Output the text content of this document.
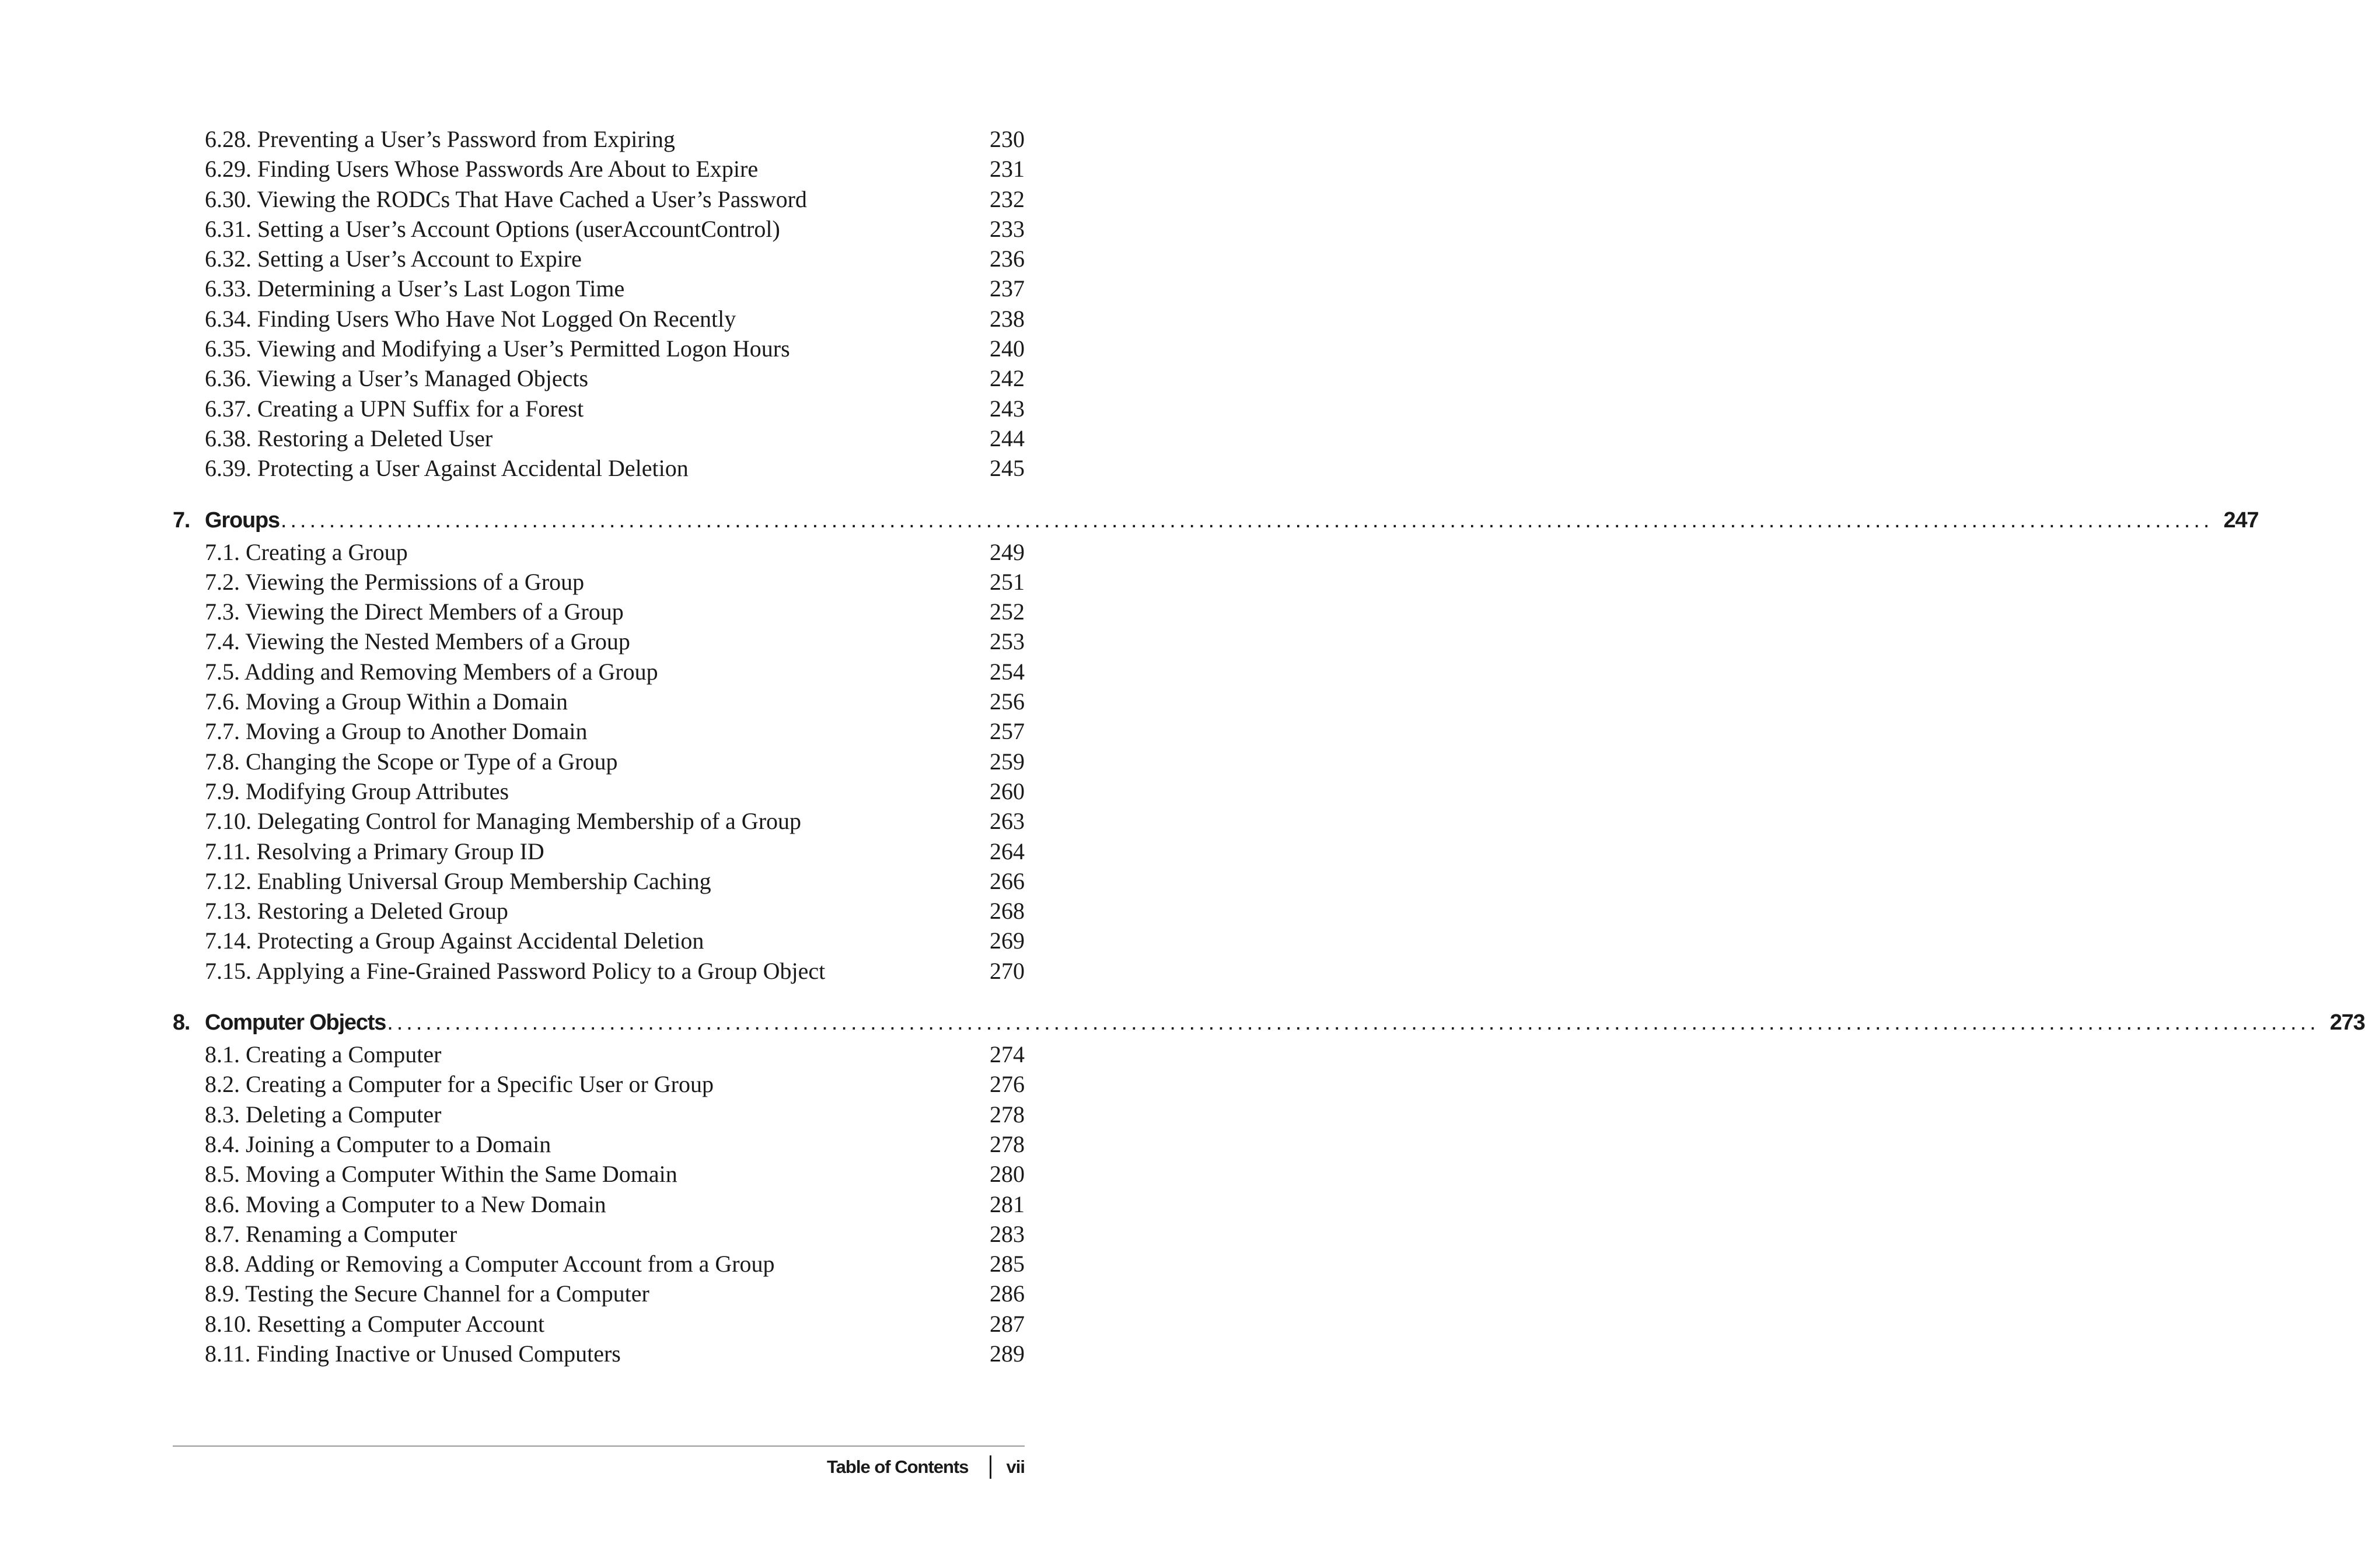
6.28. Preventing a User’s Password from Expiring	230
6.29. Finding Users Whose Passwords Are About to Expire	231
6.30. Viewing the RODCs That Have Cached a User’s Password	232
6.31. Setting a User’s Account Options (userAccountControl)	233
6.32. Setting a User’s Account to Expire	236
6.33. Determining a User’s Last Logon Time	237
6.34. Finding Users Who Have Not Logged On Recently	238
6.35. Viewing and Modifying a User’s Permitted Logon Hours	240
6.36. Viewing a User’s Managed Objects	242
6.37. Creating a UPN Suffix for a Forest	243
6.38. Restoring a Deleted User	244
6.39. Protecting a User Against Accidental Deletion	245
7. Groups ........................................................................................................................................................................................................ 247
7.1. Creating a Group	249
7.2. Viewing the Permissions of a Group	251
7.3. Viewing the Direct Members of a Group	252
7.4. Viewing the Nested Members of a Group	253
7.5. Adding and Removing Members of a Group	254
7.6. Moving a Group Within a Domain	256
7.7. Moving a Group to Another Domain	257
7.8. Changing the Scope or Type of a Group	259
7.9. Modifying Group Attributes	260
7.10. Delegating Control for Managing Membership of a Group	263
7.11. Resolving a Primary Group ID	264
7.12. Enabling Universal Group Membership Caching	266
7.13. Restoring a Deleted Group	268
7.14. Protecting a Group Against Accidental Deletion	269
7.15. Applying a Fine-Grained Password Policy to a Group Object	270
8. Computer Objects ........................................................................................................................................................................................................ 273
8.1. Creating a Computer	274
8.2. Creating a Computer for a Specific User or Group	276
8.3. Deleting a Computer	278
8.4. Joining a Computer to a Domain	278
8.5. Moving a Computer Within the Same Domain	280
8.6. Moving a Computer to a New Domain	281
8.7. Renaming a Computer	283
8.8. Adding or Removing a Computer Account from a Group	285
8.9. Testing the Secure Channel for a Computer	286
8.10. Resetting a Computer Account	287
8.11. Finding Inactive or Unused Computers	289
Table of Contents vii
